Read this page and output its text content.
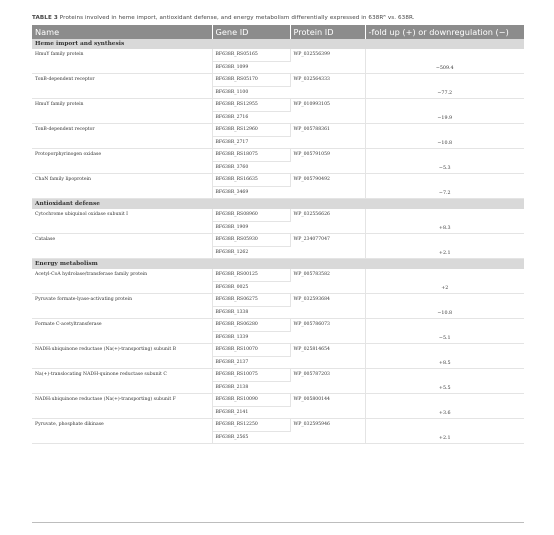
TABLE 3 Proteins involved in heme import, antioxidant defense, and energy metabolism differentially expressed in 638Rᴿ vs. 638R.
Name	Gene ID	Protein ID	-fold up (+) or downregulation (−)
Heme import and synthesis			
HmuY family protein	BF638R_RS05165	WP_032556399	−509.4
	BF638R_1099		
TonB-dependent receptor	BF638R_RS05170	WP_032564333	−77.2
	BF638R_1100		
HmuY family protein	BF638R_RS12955	WP_010993105	−19.9
	BF638R_2716		
TonB-dependent receptor	BF638R_RS12960	WP_005788361	−10.8
	BF638R_2717		
Protoporphyrinogen oxidase	BF638R_RS18075	WP_005791059	−5.3
	BF638R_3760		
ChaN family lipoprotein	BF638R_RS16635	WP_005790492	−7.2
	BF638R_3469		
Antioxidant defense			
Cytochrome ubiquinol oxidase subunit I	BF638R_RS08960	WP_032556626	+8.3
	BF638R_1909		
Catalase	BF638R_RS05930	WP_234077047	+2.1
	BF638R_1262		
Energy metabolism			
Acetyl-CoA hydrolase/transferase family protein	BF638R_RS00125	WP_005783582	+2
	BF638R_0025		
Pyruvate formate-lyase-activating protein	BF638R_RS06275	WP_032593684	−10.8
	BF638R_1338		
Formate C-acetyltransferase	BF638R_RS06280	WP_005786073	−5.1
	BF638R_1339		
NADH:ubiquinone reductase (Na(+)-transporting) subunit B	BF638R_RS10070	WP_025814654	+8.5
	BF638R_2137		
Na(+)-translocating NADH-quinone reductase subunit C	BF638R_RS10075	WP_005787203	+5.5
	BF638R_2138		
NADH:ubiquinone reductase (Na(+)-transporting) subunit F	BF638R_RS10090	WP_005800144	+3.6
	BF638R_2141		
Pyruvate, phosphate dikinase	BF638R_RS12250	WP_032595946	+2.1
	BF638R_2565		
